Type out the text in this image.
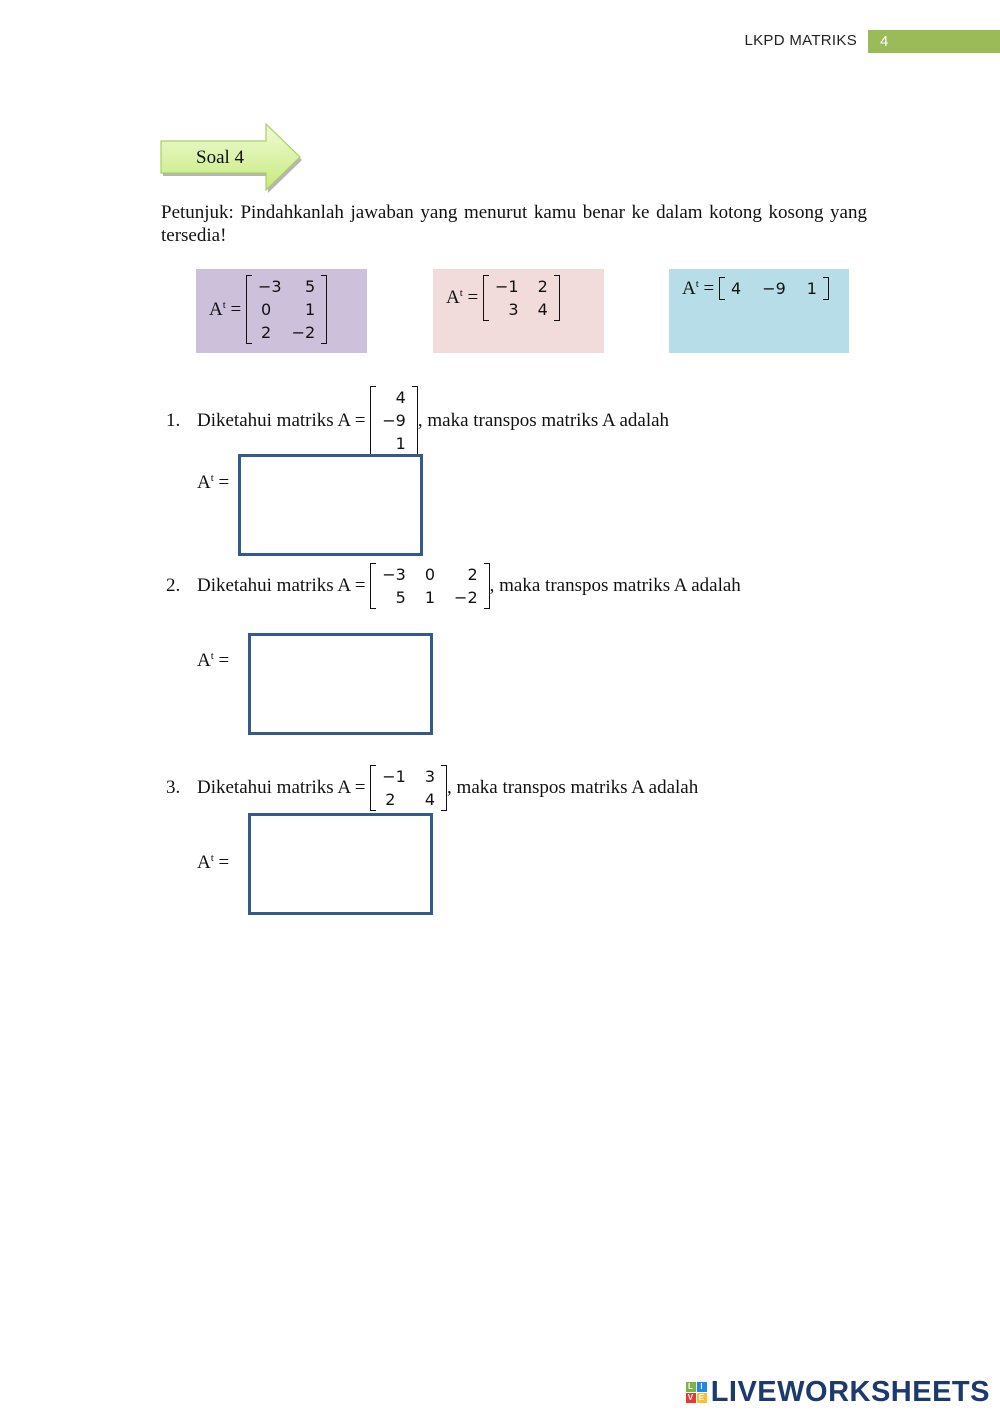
LKPD MATRIKS	4
Soal 4
Petunjuk: Pindahkanlah jawaban yang menurut kamu benar ke dalam kotong kosong yang tersedia!
$A^t$ =
−3	5
0	1
2	−2
$A^t$ =
−1	2
3	4
$A^t = 4$	−9	1
1. Diketahui matriks A =

4
−9
1
, maka transpos matriks A adalah
$A^t$ =
2. Diketahui matriks A =

−3	0	2
5	1	−2
, maka transpos matriks A adalah
$A^t$ =
3. Diketahui matriks A =

−1	3
2	4
, maka transpos matriks A adalah
$A^t$ =
L I
V E LIVEWORKSHEETS
